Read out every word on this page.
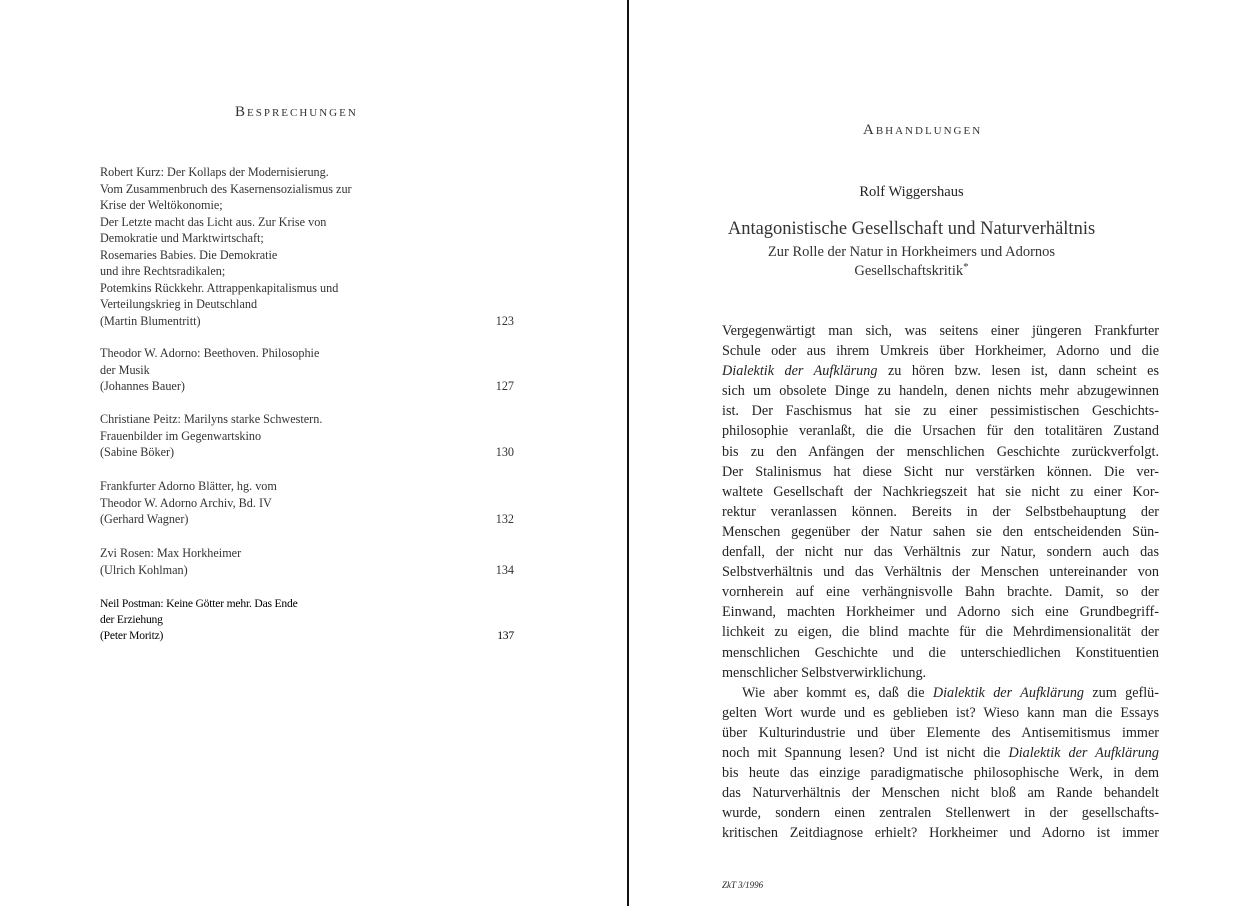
Besprechungen
Robert Kurz: Der Kollaps der Modernisierung.
Vom Zusammenbruch des Kasernensozialismus zur
Krise der Weltökonomie;
Der Letzte macht das Licht aus. Zur Krise von
Demokratie und Marktwirtschaft;
Rosemaries Babies. Die Demokratie
und ihre Rechtsradikalen;
Potemkins Rückkehr. Attrappenkapitalismus und
Verteilungskrieg in Deutschland
(Martin Blumentritt)	123
Theodor W. Adorno: Beethoven. Philosophie
der Musik
(Johannes Bauer)	127
Christiane Peitz: Marilyns starke Schwestern.
Frauenbilder im Gegenwartskino
(Sabine Böker)	130
Frankfurter Adorno Blätter, hg. vom
Theodor W. Adorno Archiv, Bd. IV
(Gerhard Wagner)	132
Zvi Rosen: Max Horkheimer
(Ulrich Kohlman)	134
Neil Postman: Keine Götter mehr. Das Ende
der Erziehung
(Peter Moritz)	137
Abhandlungen
Rolf Wiggershaus
Antagonistische Gesellschaft und Naturverhältnis
Zur Rolle der Natur in Horkheimers und Adornos
Gesellschaftskritik*
Vergegenwärtigt man sich, was seitens einer jüngeren Frankfurter
Schule oder aus ihrem Umkreis über Horkheimer, Adorno und die
Dialektik der Aufklärung zu hören bzw. lesen ist, dann scheint es
sich um obsolete Dinge zu handeln, denen nichts mehr abzugewinnen
ist. Der Faschismus hat sie zu einer pessimistischen Geschichts-
philosophie veranlaßt, die die Ursachen für den totalitären Zustand
bis zu den Anfängen der menschlichen Geschichte zurückverfolgt.
Der Stalinismus hat diese Sicht nur verstärken können. Die ver-
waltete Gesellschaft der Nachkriegszeit hat sie nicht zu einer Kor-
rektur veranlassen können. Bereits in der Selbstbehauptung der
Menschen gegenüber der Natur sahen sie den entscheidenden Sün-
denfall, der nicht nur das Verhältnis zur Natur, sondern auch das
Selbstverhältnis und das Verhältnis der Menschen untereinander von
vornherein auf eine verhängnisvolle Bahn brachte. Damit, so der
Einwand, machten Horkheimer und Adorno sich eine Grundbegriff-
lichkeit zu eigen, die blind machte für die Mehrdimensionalität der
menschlichen Geschichte und die unterschiedlichen Konstituentien
menschlicher Selbstverwirklichung.
Wie aber kommt es, daß die Dialektik der Aufklärung zum geflü-
gelten Wort wurde und es geblieben ist? Wieso kann man die Essays
über Kulturindustrie und über Elemente des Antisemitismus immer
noch mit Spannung lesen? Und ist nicht die Dialektik der Aufklärung
bis heute das einzige paradigmatische philosophische Werk, in dem
das Naturverhältnis der Menschen nicht bloß am Rande behandelt
wurde, sondern einen zentralen Stellenwert in der gesellschafts-
kritischen Zeitdiagnose erhielt? Horkheimer und Adorno ist immer
ZkT 3/1996
